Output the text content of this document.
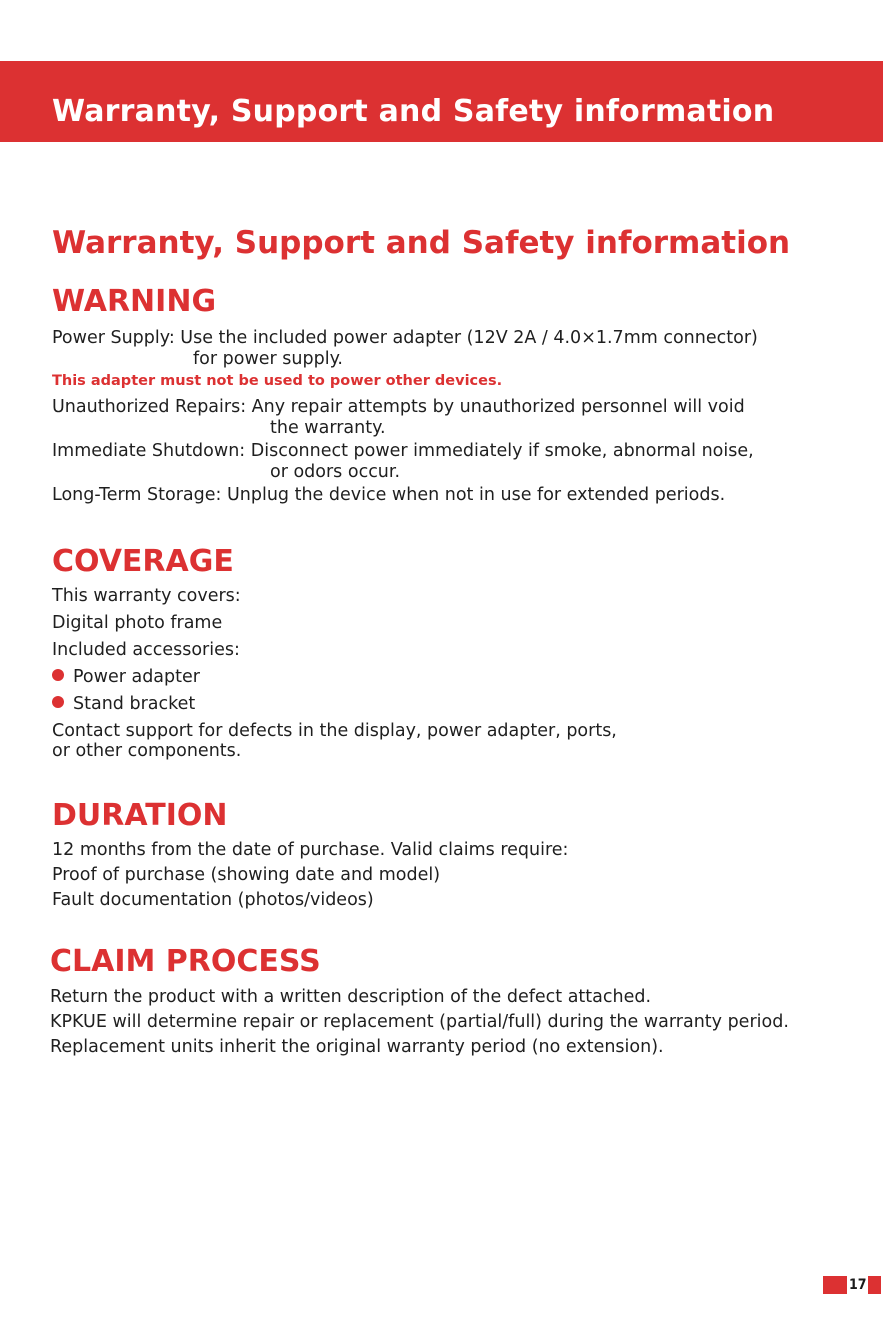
Warranty, Support and Safety information
Warranty, Support and Safety information
WARNING

Power Supply: Use the included power adapter (12V 2A / 4.0×1.7mm connector)

for power supply.

This adapter must not be used to power other devices.

Unauthorized Repairs: Any repair attempts by unauthorized personnel will void

the warranty.

Immediate Shutdown: Disconnect power immediately if smoke, abnormal noise,

or odors occur.

Long-Term Storage: Unplug the device when not in use for extended periods.

COVERAGE

This warranty covers:

Digital photo frame

Included accessories:

Power adapter

Stand bracket

Contact support for defects in the display, power adapter, ports,

or other components.

DURATION

12 months from the date of purchase. Valid claims require:

Proof of purchase (showing date and model)

Fault documentation (photos/videos)

CLAIM PROCESS

Return the product with a written description of the defect attached.

KPKUE will determine repair or replacement (partial/full) during the warranty period.

Replacement units inherit the original warranty period (no extension).

17
